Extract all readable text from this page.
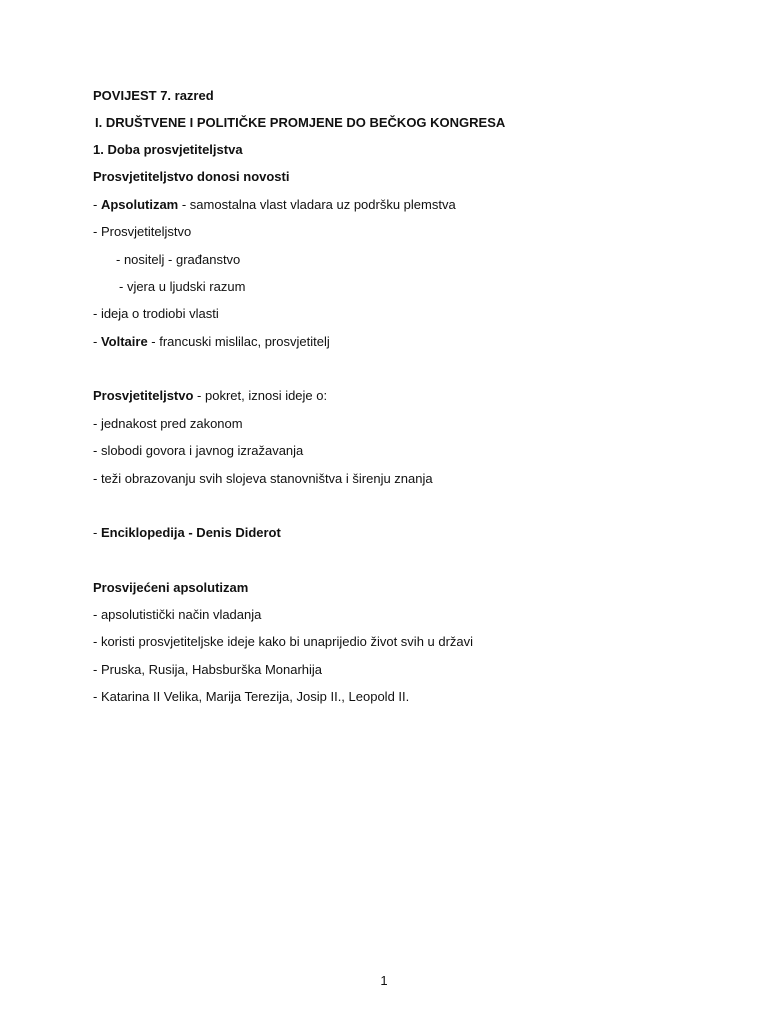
POVIJEST 7. razred
I. DRUŠTVENE I POLITIČKE PROMJENE DO BEČKOG KONGRESA
1. Doba prosvjetiteljstva
Prosvjetiteljstvo donosi novosti
- Apsolutizam - samostalna vlast vladara uz podršku plemstva
- Prosvjetiteljstvo
- nositelj - građanstvo
- vjera u ljudski razum
- ideja o trodiobi vlasti
- Voltaire - francuski mislilac, prosvjetitelj
Prosvjetiteljstvo - pokret, iznosi ideje o:
- jednakost pred zakonom
- slobodi govora i javnog izražavanja
- teži obrazovanju svih slojeva stanovništva i širenju znanja
- Enciklopedija - Denis Diderot
Prosvijećeni apsolutizam
- apsolutistički način vladanja
- koristi prosvjetiteljske ideje kako bi unaprijedio život svih u državi
- Pruska, Rusija, Habsburška Monarhija
- Katarina II Velika, Marija Terezija, Josip II., Leopold II.
1
